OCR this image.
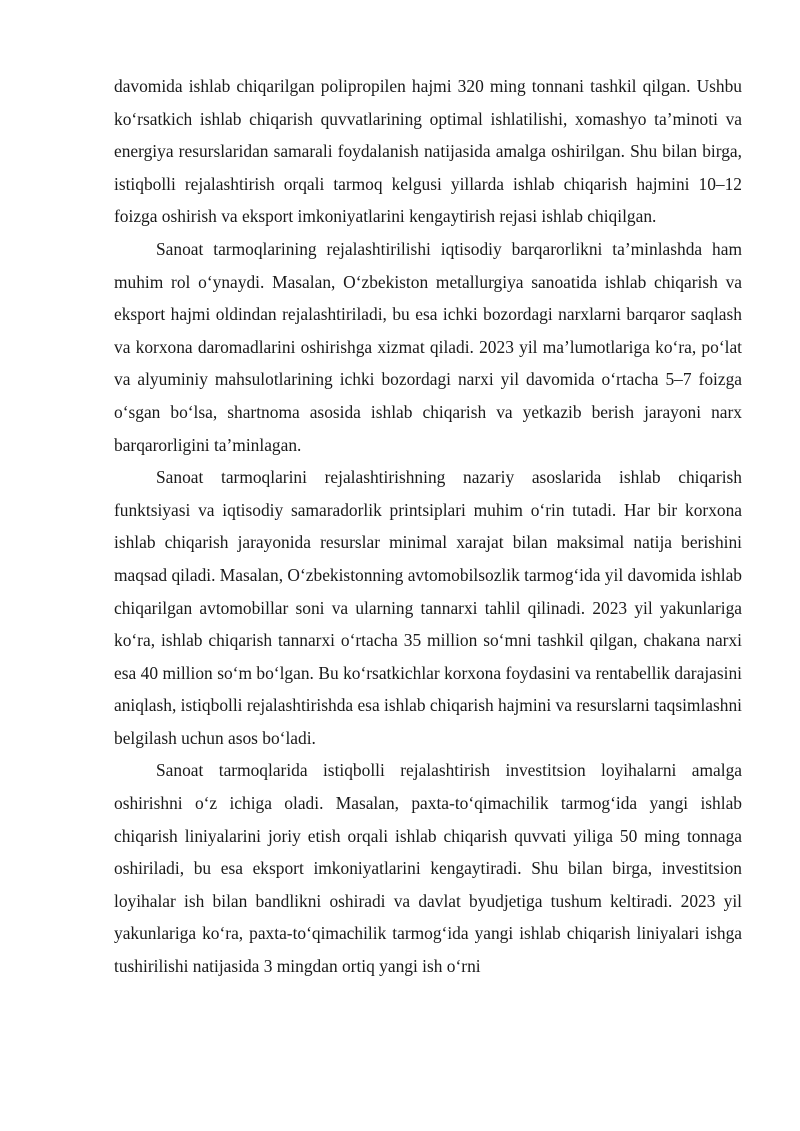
davomida ishlab chiqarilgan polipropilen hajmi 320 ming tonnani tashkil qilgan. Ushbu koʻrsatkich ishlab chiqarish quvvatlarining optimal ishlatilishi, xomashyo taʼminoti va energiya resurslaridan samarali foydalanish natijasida amalga oshirilgan. Shu bilan birga, istiqbolli rejalashtirish orqali tarmoq kelgusi yillarda ishlab chiqarish hajmini 10–12 foizga oshirish va eksport imkoniyatlarini kengaytirish rejasi ishlab chiqilgan.

Sanoat tarmoqlarining rejalashtirilishi iqtisodiy barqarorlikni taʼminlashda ham muhim rol oʻynaydi. Masalan, Oʻzbekiston metallurgiya sanoatida ishlab chiqarish va eksport hajmi oldindan rejalashtiriladi, bu esa ichki bozordagi narxlarni barqaror saqlash va korxona daromadlarini oshirishga xizmat qiladi. 2023 yil maʼlumotlariga koʻra, poʻlat va alyuminiy mahsulotlarining ichki bozordagi narxi yil davomida oʻrtacha 5–7 foizga oʻsgan boʻlsa, shartnoma asosida ishlab chiqarish va yetkazib berish jarayoni narx barqarorligini taʼminlagan.

Sanoat tarmoqlarini rejalashtirishning nazariy asoslarida ishlab chiqarish funktsiyasi va iqtisodiy samaradorlik printsiplari muhim oʻrin tutadi. Har bir korxona ishlab chiqarish jarayonida resurslar minimal xarajat bilan maksimal natija berishini maqsad qiladi. Masalan, Oʻzbekistonning avtomobilsozlik tarmogʻida yil davomida ishlab chiqarilgan avtomobillar soni va ularning tannarxi tahlil qilinadi. 2023 yil yakunlariga koʻra, ishlab chiqarish tannarxi oʻrtacha 35 million soʻmni tashkil qilgan, chakana narxi esa 40 million soʻm boʻlgan. Bu koʻrsatkichlar korxona foydasini va rentabellik darajasini aniqlash, istiqbolli rejalashtirishda esa ishlab chiqarish hajmini va resurslarni taqsimlashni belgilash uchun asos boʻladi.

Sanoat tarmoqlarida istiqbolli rejalashtirish investitsion loyihalarni amalga oshirishni oʻz ichiga oladi. Masalan, paxta-toʻqimachilik tarmogʻida yangi ishlab chiqarish liniyalarini joriy etish orqali ishlab chiqarish quvvati yiliga 50 ming tonnaga oshiriladi, bu esa eksport imkoniyatlarini kengaytiradi. Shu bilan birga, investitsion loyihalar ish bilan bandlikni oshiradi va davlat byudjetiga tushum keltiradi. 2023 yil yakunlariga koʻra, paxta-toʻqimachilik tarmogʻida yangi ishlab chiqarish liniyalari ishga tushirilishi natijasida 3 mingdan ortiq yangi ish oʻrni
